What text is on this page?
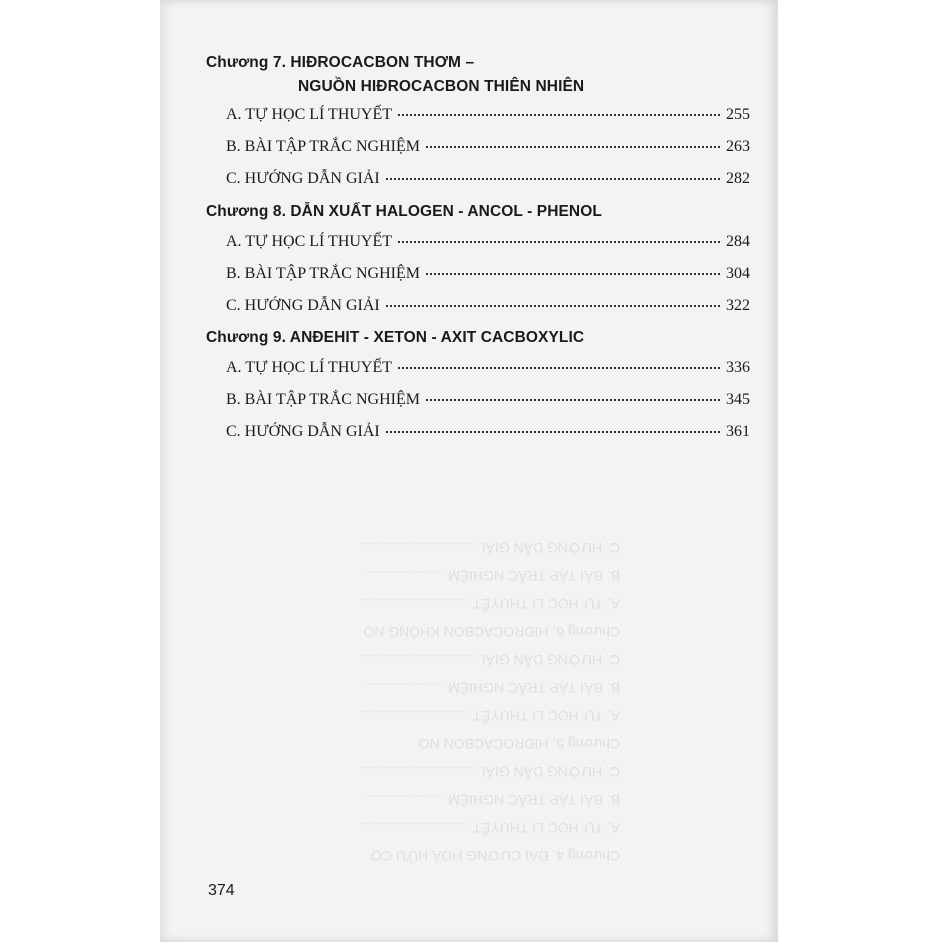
Chương 7. HIĐROCACBON THƠM –
NGUỒN HIĐROCACBON THIÊN NHIÊN
A. TỰ HỌC LÍ THUYẾT	255
B. BÀI TẬP TRẮC NGHIỆM	263
C. HƯỚNG DẪN GIẢI	282
Chương 8. DẪN XUẤT HALOGEN - ANCOL - PHENOL
A. TỰ HỌC LÍ THUYẾT	284
B. BÀI TẬP TRẮC NGHIỆM	304
C. HƯỚNG DẪN GIẢI	322
Chương 9. ANĐEHIT - XETON - AXIT CACBOXYLIC
A. TỰ HỌC LÍ THUYẾT	336
B. BÀI TẬP TRẮC NGHIỆM	345
C. HƯỚNG DẪN GIẢI	361
374
